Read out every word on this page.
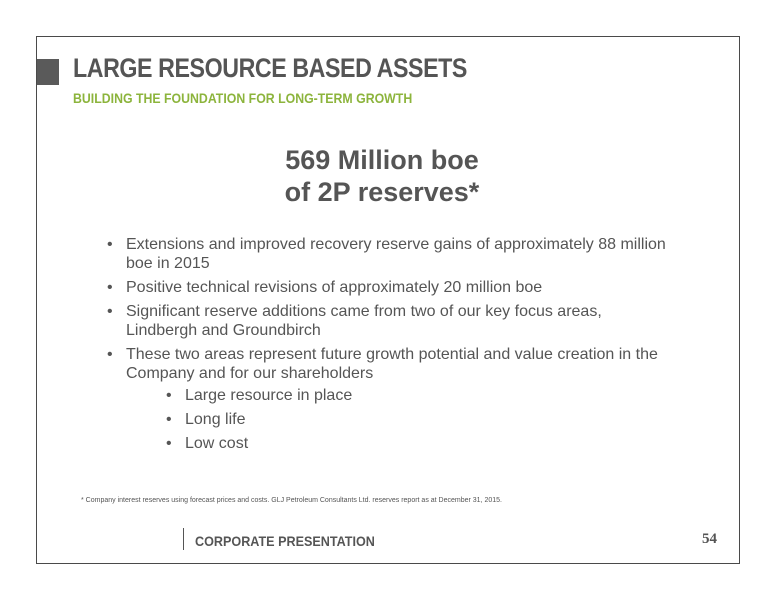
LARGE RESOURCE BASED ASSETS
BUILDING THE FOUNDATION FOR LONG-TERM GROWTH
569 Million boe
of 2P reserves*
• Extensions and improved recovery reserve gains of approximately 88 million boe in 2015
• Positive technical revisions of approximately 20 million boe
• Significant reserve additions came from two of our key focus areas, Lindbergh and Groundbirch
• These two areas represent future growth potential and value creation in the Company and for our shareholders
• Large resource in place
• Long life
• Low cost
* Company interest reserves using forecast prices and costs. GLJ Petroleum Consultants Ltd. reserves report as at December 31, 2015.
CORPORATE PRESENTATION	54
